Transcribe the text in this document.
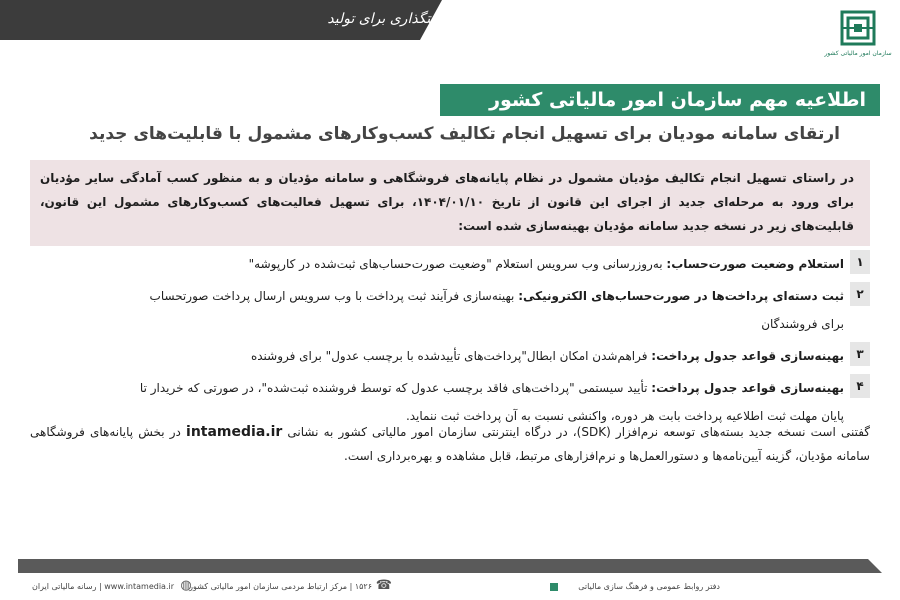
سیاستگذاری برای تولید
سازمان امور مالیاتی کشور
اطلاعیه مهم سازمان امور مالیاتی کشور
ارتقای سامانه مودیان برای تسهیل انجام تکالیف کسب‌وکارهای مشمول با قابلیت‌های جدید
در راستای تسهیل انجام تکالیف مؤدیان مشمول در نظام پایانه‌های فروشگاهی و سامانه مؤدیان و به منظور کسب آمادگی سایر مؤدیان برای ورود به مرحله‌ای جدید از اجرای این قانون از تاریخ ۱۴۰۴/۰۱/۱۰، برای تسهیل فعالیت‌های کسب‌وکارهای مشمول این قانون، قابلیت‌های زیر در نسخه جدید سامانه مؤدیان بهینه‌سازی شده است:
۱
استعلام وضعیت صورت‌حساب: به‌روزرسانی وب سرویس استعلام "وضعیت صورت‌حساب‌های ثبت‌شده در کارپوشه"
۲
ثبت دسته‌ای پرداخت‌ها در صورت‌حساب‌های الکترونیکی: بهینه‌سازی فرآیند ثبت پرداخت با وب سرویس ارسال پرداخت صورتحساب
برای فروشندگان
۳
بهینه‌سازی قواعد جدول پرداخت: فراهم‌شدن امکان ابطال"پرداخت‌های تأییدشده با برچسب عدول" برای فروشنده
۴
بهینه‌سازی قواعد جدول پرداخت: تأیید سیستمی "پرداخت‌های فاقد برچسب عدول که توسط فروشنده ثبت‌شده"، در صورتی که خریدار تا
پایان مهلت ثبت اطلاعیه پرداخت بابت هر دوره، واکنشی نسبت به آن پرداخت ثبت ننماید.
گفتنی است نسخه جدید بسته‌های توسعه نرم‌افزار (SDK)، در درگاه اینترنتی سازمان امور مالیاتی کشور به نشانی intamedia.ir در بخش پایانه‌های فروشگاهی سامانه مؤدیان، گزینه آیین‌نامه‌ها و دستورالعمل‌ها و نرم‌افزارهای مرتبط، قابل مشاهده و بهره‌برداری است.
دفتر روابط عمومی و فرهنگ سازی مالیاتی
☎
۱۵۲۶ | مرکز ارتباط مردمی سازمان امور مالیاتی کشور
◍
www.intamedia.ir | رسانه مالیاتی ایران
